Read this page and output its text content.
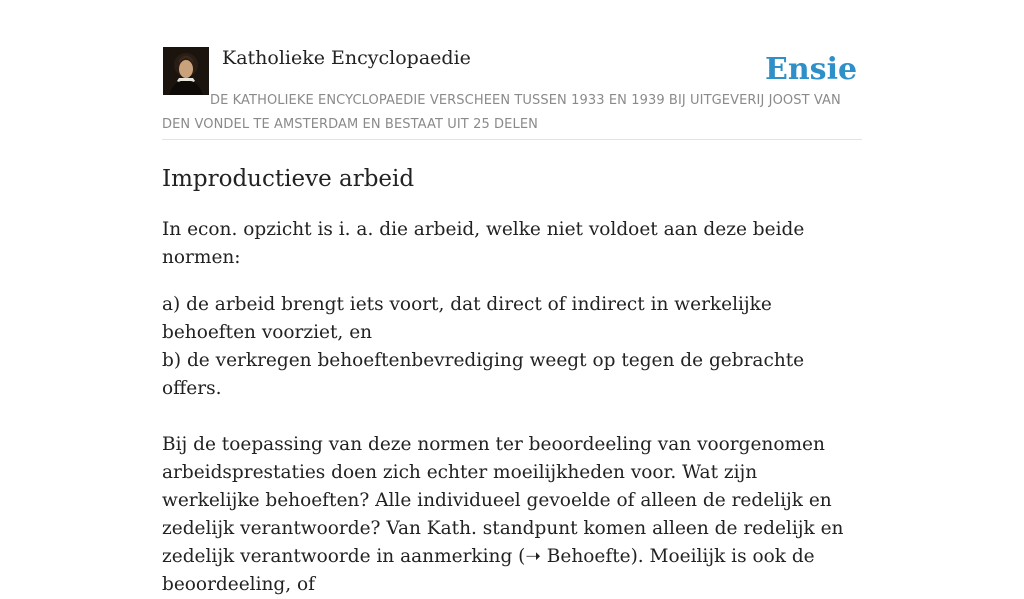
Katholieke Encyclopaedie	Ensie
DE KATHOLIEKE ENCYCLOPAEDIE VERSCHEEN TUSSEN 1933 EN 1939 BIJ UITGEVERIJ JOOST VAN DEN VONDEL TE AMSTERDAM EN BESTAAT UIT 25 DELEN
Improductieve arbeid

In econ. opzicht is i. a. die arbeid, welke niet voldoet aan deze beide normen:

a) de arbeid brengt iets voort, dat direct of indirect in werkelijke behoeften voorziet, en
b) de verkregen behoeftenbevrediging weegt op tegen de gebrachte offers.

Bij de toepassing van deze normen ter beoordeeling van voorgenomen arbeidsprestaties doen zich echter moeilijkheden voor. Wat zijn werkelijke behoeften? Alle individueel gevoelde of alleen de redelijk en zedelijk verantwoorde? Van Kath. standpunt komen alleen de redelijk en zedelijk verantwoorde in aanmerking (➝ Behoefte). Moeilijk is ook de beoordeeling, of
